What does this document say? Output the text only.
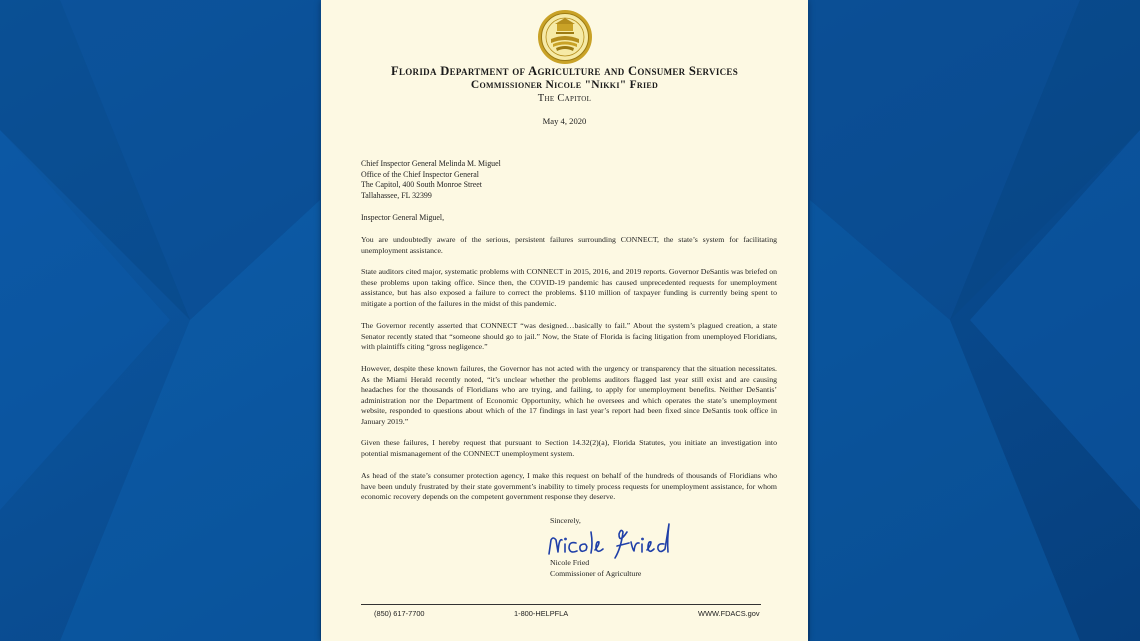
Florida Department of Agriculture and Consumer Services
Commissioner Nicole "Nikki" Fried
The Capitol
May 4, 2020
Chief Inspector General Melinda M. Miguel
Office of the Chief Inspector General
The Capitol, 400 South Monroe Street
Tallahassee, FL 32399
Inspector General Miguel,

You are undoubtedly aware of the serious, persistent failures surrounding CONNECT, the state’s system for facilitating unemployment assistance.

State auditors cited major, systematic problems with CONNECT in 2015, 2016, and 2019 reports. Governor DeSantis was briefed on these problems upon taking office. Since then, the COVID-19 pandemic has caused unprecedented requests for unemployment assistance, but has also exposed a failure to correct the problems. $110 million of taxpayer funding is currently being spent to mitigate a portion of the failures in the midst of this pandemic.

The Governor recently asserted that CONNECT “was designed…basically to fail.” About the system’s plagued creation, a state Senator recently stated that “someone should go to jail.” Now, the State of Florida is facing litigation from unemployed Floridians, with plaintiffs citing “gross negligence.”

However, despite these known failures, the Governor has not acted with the urgency or transparency that the situation necessitates. As the Miami Herald recently noted, “it’s unclear whether the problems auditors flagged last year still exist and are causing headaches for the thousands of Floridians who are trying, and failing, to apply for unemployment benefits. Neither DeSantis’ administration nor the Department of Economic Opportunity, which he oversees and which operates the state’s unemployment website, responded to questions about which of the 17 findings in last year’s report had been fixed since DeSantis took office in January 2019.”

Given these failures, I hereby request that pursuant to Section 14.32(2)(a), Florida Statutes, you initiate an investigation into potential mismanagement of the CONNECT unemployment system.

As head of the state’s consumer protection agency, I make this request on behalf of the hundreds of thousands of Floridians who have been unduly frustrated by their state government’s inability to timely process requests for unemployment assistance, for whom economic recovery depends on the competent government response they deserve.

Sincerely,
Nicole Fried
Commissioner of Agriculture
(850) 617-7700	1-800-HELPFLA	WWW.FDACS.gov
